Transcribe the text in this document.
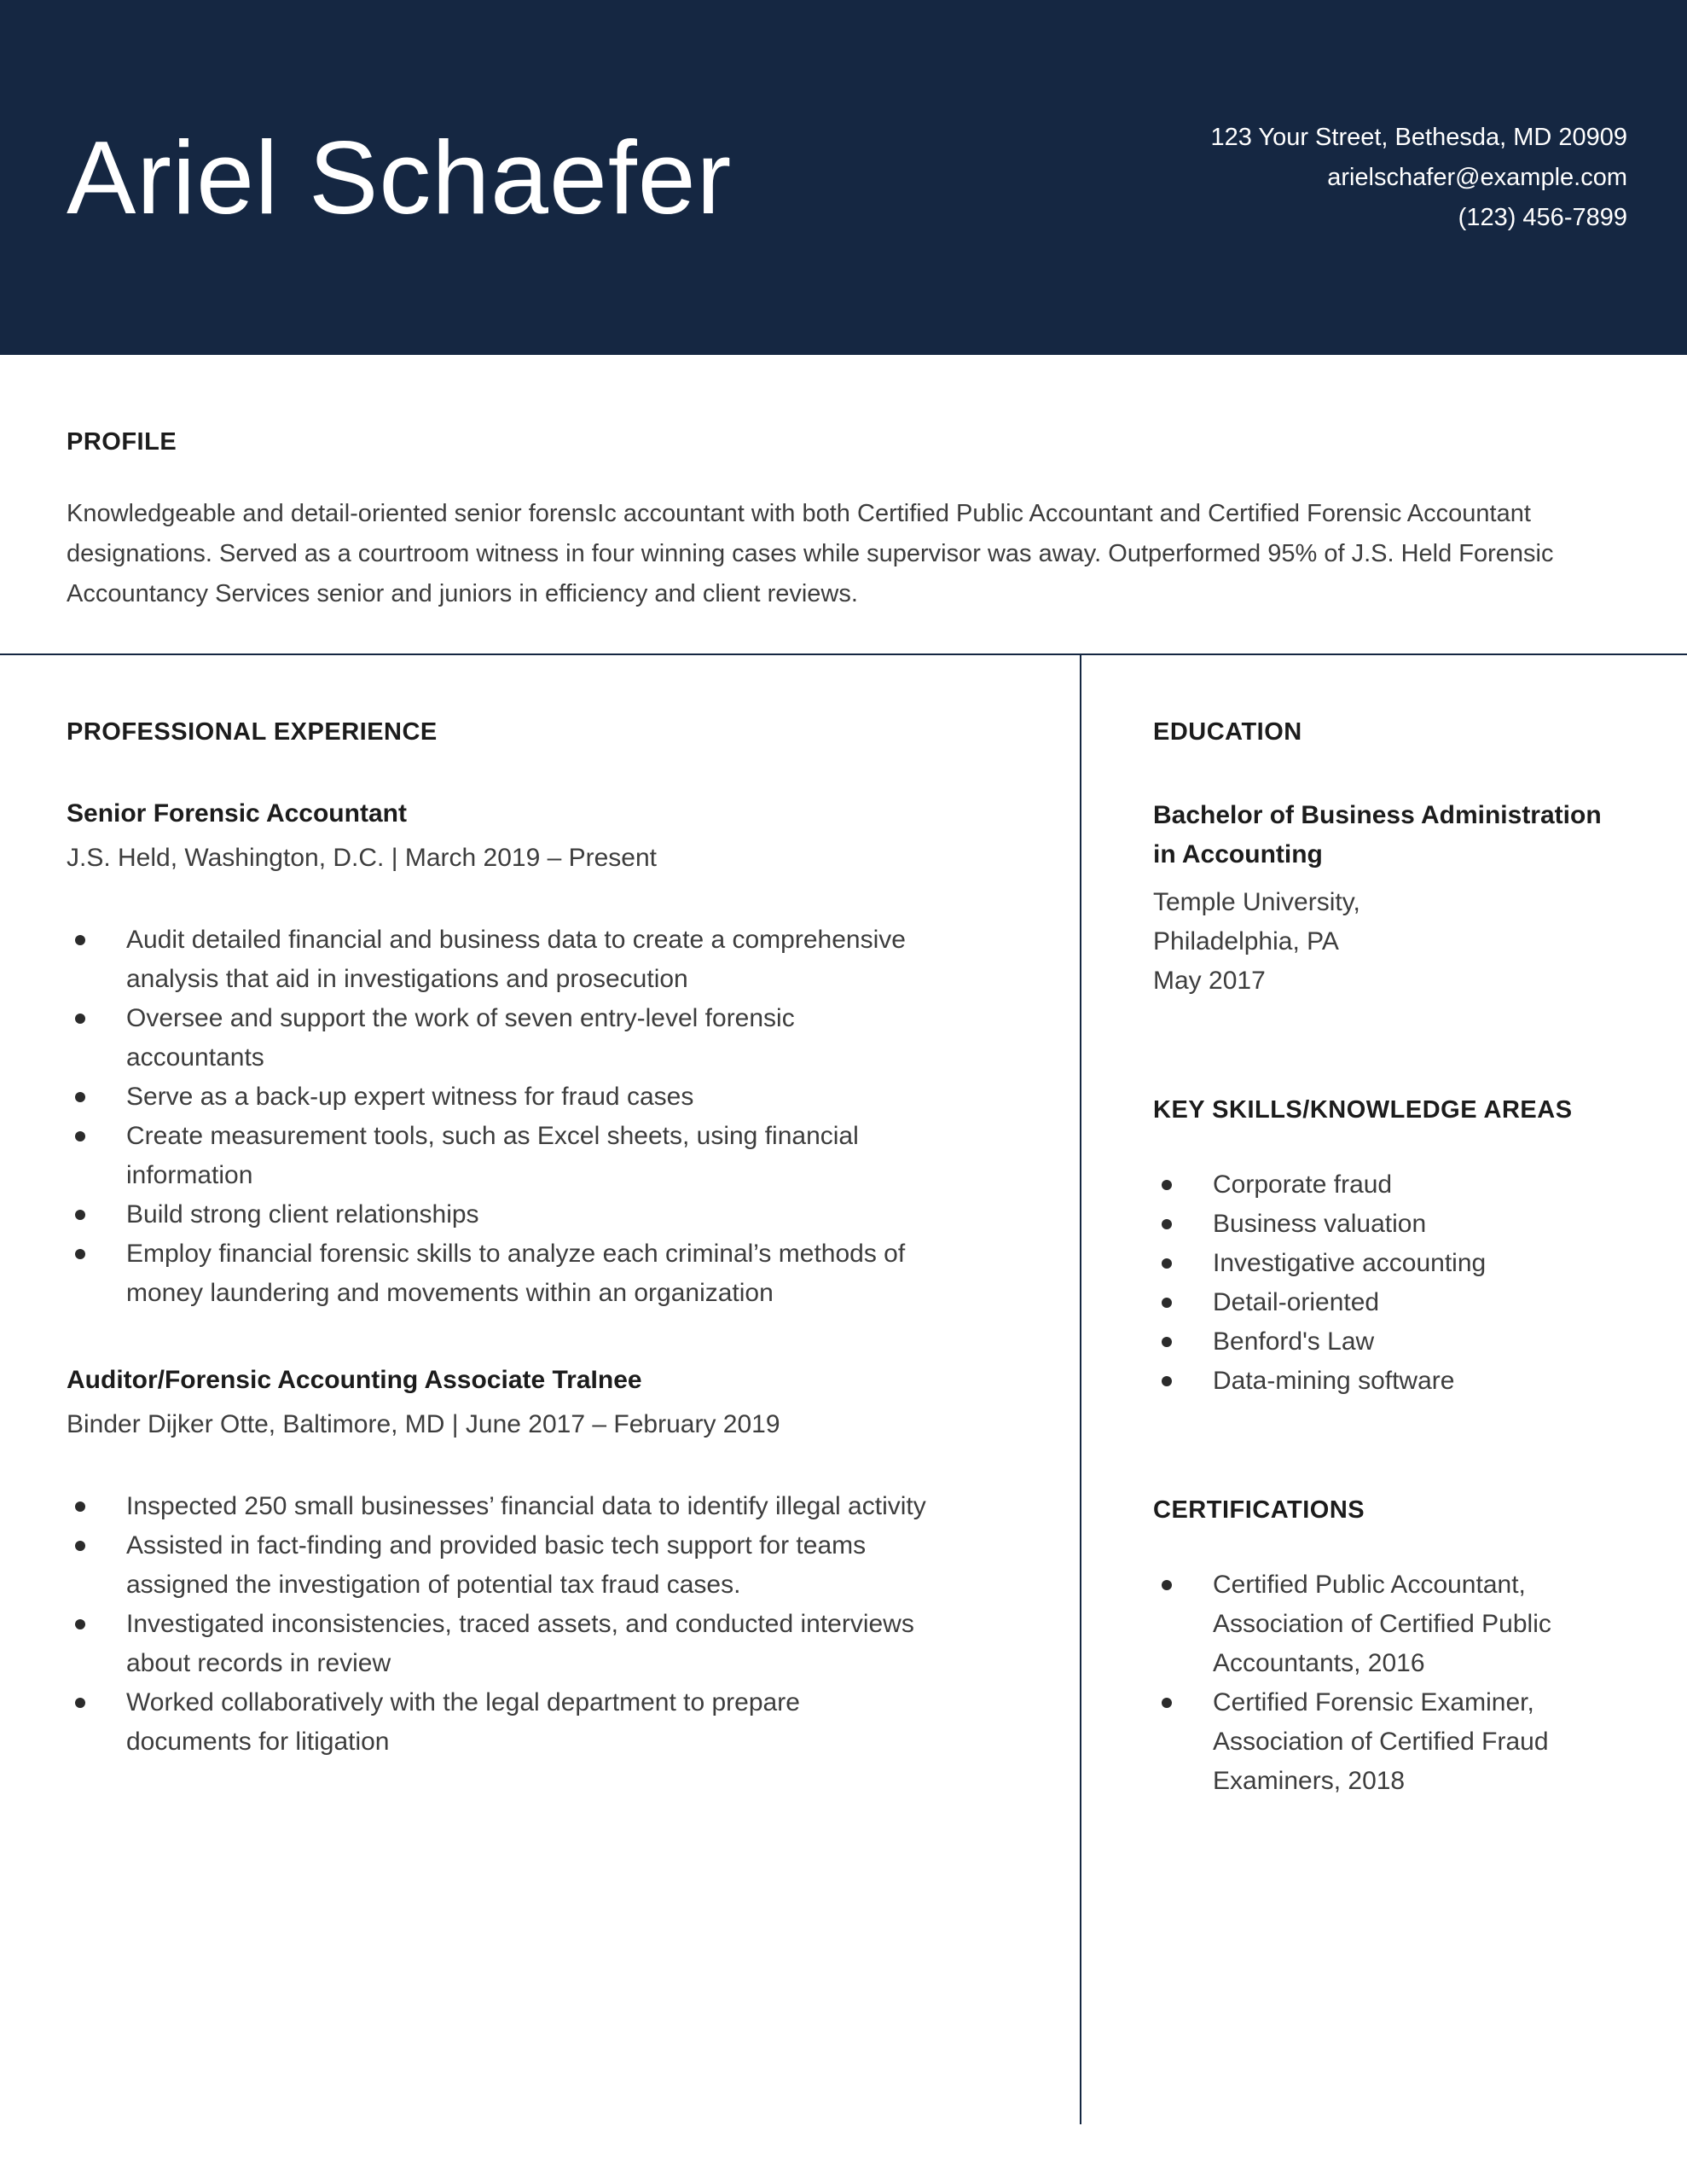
Ariel Schaefer	123 Your Street, Bethesda, MD 20909
arielschafer@example.com
(123) 456-7899
PROFILE

Knowledgeable and detail-oriented senior forensIc accountant with both Certified Public Accountant and Certified Forensic Accountant designations. Served as a courtroom witness in four winning cases while supervisor was away. Outperformed 95% of J.S. Held Forensic Accountancy Services senior and juniors in efficiency and client reviews.

PROFESSIONAL EXPERIENCE
Senior Forensic Accountant
J.S. Held, Washington, D.C. | March 2019 – Present
Audit detailed financial and business data to create a comprehensive analysis that aid in investigations and prosecution
Oversee and support the work of seven entry-level forensic accountants
Serve as a back-up expert witness for fraud cases
Create measurement tools, such as Excel sheets, using financial information
Build strong client relationships
Employ financial forensic skills to analyze each criminal’s methods of money laundering and movements within an organization
Auditor/Forensic Accounting Associate TraInee
Binder Dijker Otte, Baltimore, MD | June 2017 – February 2019
Inspected 250 small businesses’ financial data to identify illegal activity
Assisted in fact-finding and provided basic tech support for teams assigned the investigation of potential tax fraud cases.
Investigated inconsistencies, traced assets, and conducted interviews about records in review
Worked collaboratively with the legal department to prepare documents for litigation
EDUCATION
Bachelor of Business Administration in Accounting
Temple University, Philadelphia, PA
May 2017
KEY SKILLS/KNOWLEDGE AREAS
Corporate fraud
Business valuation
Investigative accounting
Detail-oriented
Benford's Law
Data-mining software
CERTIFICATIONS
Certified Public Accountant, Association of Certified Public Accountants, 2016
Certified Forensic Examiner, Association of Certified Fraud Examiners, 2018
